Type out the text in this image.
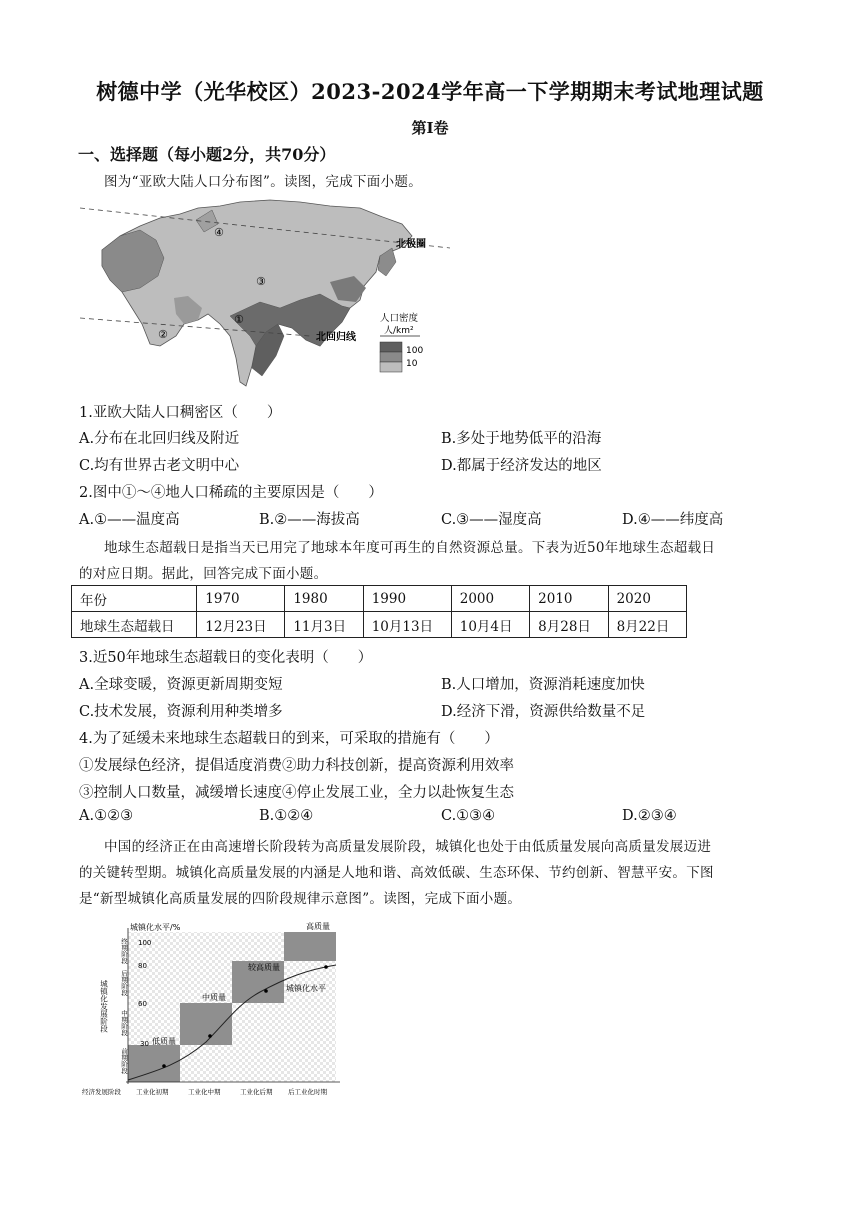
树德中学（光华校区）2023-2024学年高一下学期期末考试地理试题
第Ⅰ卷
一、选择题（每小题2分，共70分）
图为“亚欧大陆人口分布图”。读图，完成下面小题。
④
③
①
②
北极圈
北回归线
人口密度
人/km²
100
10
1.亚欧大陆人口稠密区（　　）
A.分布在北回归线及附近	B.多处于地势低平的沿海
C.均有世界古老文明中心	D.都属于经济发达的地区
2.图中①～④地人口稀疏的主要原因是（　　）
A.①——温度高	B.②——海拔高	C.③——湿度高	D.④——纬度高
地球生态超载日是指当天已用完了地球本年度可再生的自然资源总量。下表为近50年地球生态超载日
的对应日期。据此，回答完成下面小题。
年份	1970	1980	1990	2000	2010	2020
地球生态超载日	12月23日	11月3日	10月13日	10月4日	8月28日	8月22日
3.近50年地球生态超载日的变化表明（　　）
A.全球变暖，资源更新周期变短	B.人口增加，资源消耗速度加快
C.技术发展，资源利用种类增多	D.经济下滑，资源供给数量不足
4.为了延缓未来地球生态超载日的到来，可采取的措施有（　　）
①发展绿色经济，提倡适度消费②助力科技创新，提高资源利用效率
③控制人口数量，减缓增长速度④停止发展工业，全力以赴恢复生态
A.①②③	B.①②④	C.①③④	D.②③④
中国的经济正在由高速增长阶段转为高质量发展阶段，城镇化也处于由低质量发展向高质量发展迈进
的关键转型期。城镇化高质量发展的内涵是人地和谐、高效低碳、生态环保、节约创新、智慧平安。下图
是“新型城镇化高质量发展的四阶段规律示意图”。读图，完成下面小题。
城镇化水平/%
100
80
60
30
城镇化发展阶段
终期阶段
后期阶段
中期阶段
前期阶段
经济发展阶段 工业化初期	工业化中期	工业化后期 后工业化时期
低质量
中质量
较高质量
高质量
城镇化水平
